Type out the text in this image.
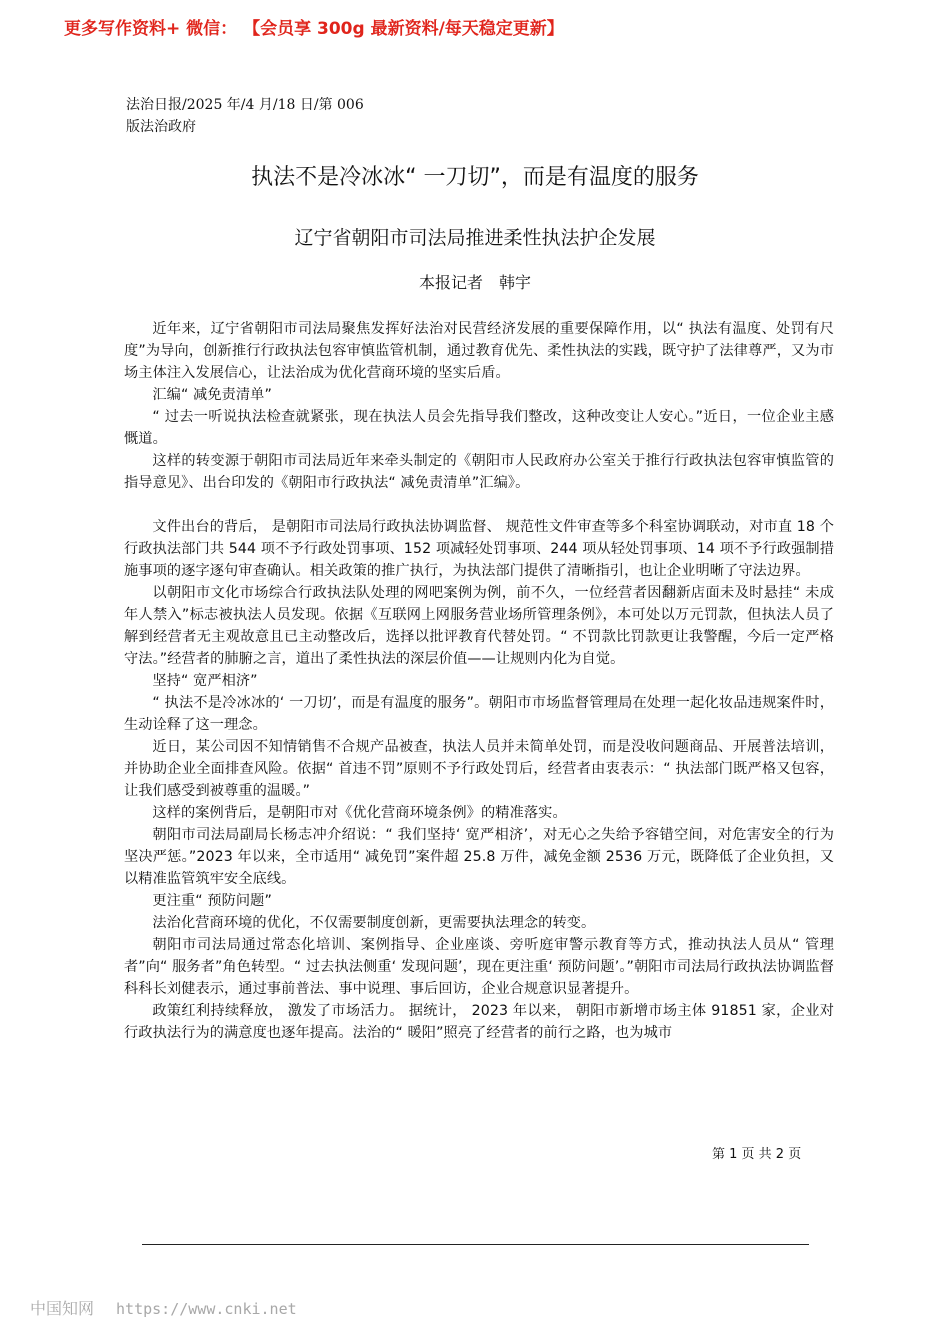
更多写作资料+ 微信： 【会员享 300g 最新资料/每天稳定更新】
法治日报/2025 年/4 月/18 日/第 006
版法治政府
执法不是冷冰冰“ 一刀切”，而是有温度的服务
辽宁省朝阳市司法局推进柔性执法护企发展
本报记者　韩宇

近年来，辽宁省朝阳市司法局聚焦发挥好法治对民营经济发展的重要保障作用，以“ 执法有温度、处罚有尺度”为导向，创新推行行政执法包容审慎监管机制，通过教育优先、柔性执法的实践，既守护了法律尊严，又为市场主体注入发展信心，让法治成为优化营商环境的坚实后盾。

汇编“ 减免责清单”

“ 过去一听说执法检查就紧张，现在执法人员会先指导我们整改，这种改变让人安心。”近日，一位企业主感慨道。

这样的转变源于朝阳市司法局近年来牵头制定的《朝阳市人民政府办公室关于推行行政执法包容审慎监管的指导意见》、出台印发的《朝阳市行政执法“ 减免责清单”汇编》。

文件出台的背后， 是朝阳市司法局行政执法协调监督、 规范性文件审查等多个科室协调联动，对市直 18 个行政执法部门共 544 项不予行政处罚事项、152 项减轻处罚事项、244 项从轻处罚事项、14 项不予行政强制措施事项的逐字逐句审查确认。相关政策的推广执行，为执法部门提供了清晰指引，也让企业明晰了守法边界。

以朝阳市文化市场综合行政执法队处理的网吧案例为例，前不久，一位经营者因翻新店面未及时悬挂“ 未成年人禁入”标志被执法人员发现。依据《互联网上网服务营业场所管理条例》，本可处以万元罚款，但执法人员了解到经营者无主观故意且已主动整改后，选择以批评教育代替处罚。“ 不罚款比罚款更让我警醒，今后一定严格守法。”经营者的肺腑之言，道出了柔性执法的深层价值——让规则内化为自觉。

坚持“ 宽严相济”

“ 执法不是冷冰冰的‘ 一刀切’，而是有温度的服务”。朝阳市市场监督管理局在处理一起化妆品违规案件时，生动诠释了这一理念。

近日，某公司因不知情销售不合规产品被查，执法人员并未简单处罚，而是没收问题商品、开展普法培训，并协助企业全面排查风险。依据“ 首违不罚”原则不予行政处罚后，经营者由衷表示：“ 执法部门既严格又包容，让我们感受到被尊重的温暖。”

这样的案例背后，是朝阳市对《优化营商环境条例》的精准落实。

朝阳市司法局副局长杨志冲介绍说：“ 我们坚持‘ 宽严相济’，对无心之失给予容错空间，对危害安全的行为坚决严惩。”2023 年以来，全市适用“ 减免罚”案件超 25.8 万件，减免金额 2536 万元，既降低了企业负担，又以精准监管筑牢安全底线。

更注重“ 预防问题”

法治化营商环境的优化，不仅需要制度创新，更需要执法理念的转变。

朝阳市司法局通过常态化培训、案例指导、企业座谈、旁听庭审警示教育等方式，推动执法人员从“ 管理者”向“ 服务者”角色转型。“ 过去执法侧重‘ 发现问题’，现在更注重‘ 预防问题’。”朝阳市司法局行政执法协调监督科科长刘健表示，通过事前普法、事中说理、事后回访，企业合规意识显著提升。

政策红利持续释放， 激发了市场活力。 据统计， 2023 年以来， 朝阳市新增市场主体 91851 家，企业对行政执法行为的满意度也逐年提高。法治的“ 暖阳”照亮了经营者的前行之路，也为城市

第 1 页 共 2 页
中国知网 https://www.cnki.net
